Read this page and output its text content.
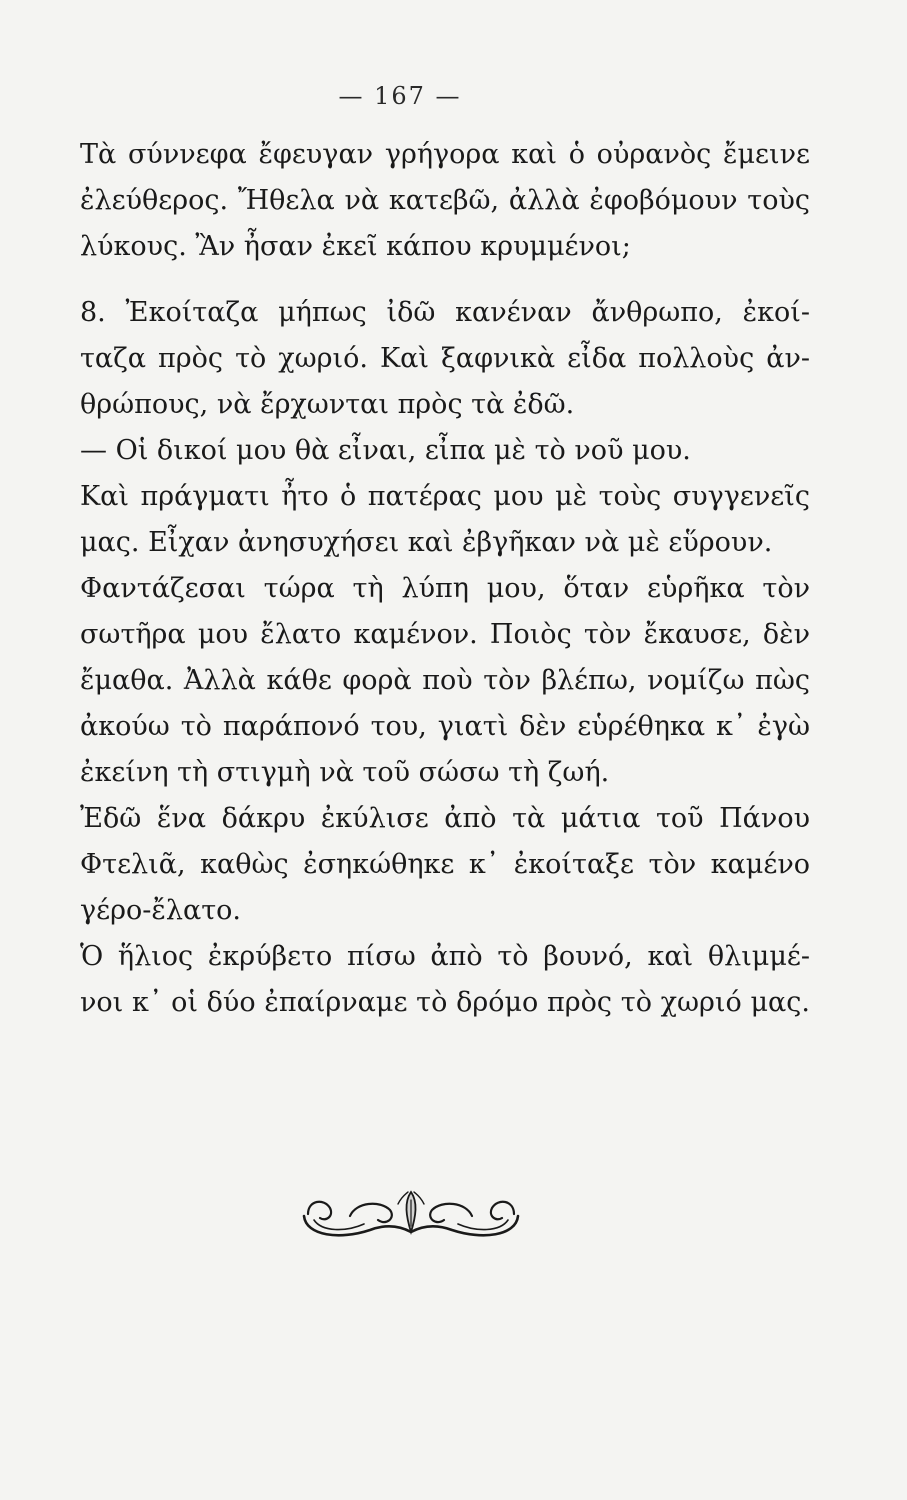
— 167 —
Τὰ σύννεφα ἔφευγαν γρήγορα καὶ ὁ οὐρανὸς ἔμεινε
ἐλεύθερος. Ἤθελα νὰ κατεβῶ, ἀλλὰ ἐφοβόμουν τοὺς
λύκους. Ἂν ἦσαν ἐκεῖ κάπου κρυμμένοι;
8. Ἐκοίταζα μήπως ἰδῶ κανέναν ἄνθρωπο, ἐκοί-
ταζα πρὸς τὸ χωριό. Καὶ ξαφνικὰ εἶδα πολλοὺς ἀν-
θρώπους, νὰ ἔρχωνται πρὸς τὰ ἐδῶ.
— Οἱ δικοί μου θὰ εἶναι, εἶπα μὲ τὸ νοῦ μου.
Καὶ πράγματι ἦτο ὁ πατέρας μου μὲ τοὺς συγγενεῖς
μας. Εἶχαν ἀνησυχήσει καὶ ἐβγῆκαν νὰ μὲ εὕρουν.
Φαντάζεσαι τώρα τὴ λύπη μου, ὅταν εὑρῆκα τὸν
σωτῆρα μου ἔλατο καμένον. Ποιὸς τὸν ἔκαυσε, δὲν
ἔμαθα. Ἀλλὰ κάθε φορὰ ποὺ τὸν βλέπω, νομίζω πὼς
ἀκούω τὸ παράπονό του, γιατὶ δὲν εὑρέθηκα κ᾽ ἐγὼ
ἐκείνη τὴ στιγμὴ νὰ τοῦ σώσω τὴ ζωή.
Ἐδῶ ἕνα δάκρυ ἐκύλισε ἀπὸ τὰ μάτια τοῦ Πάνου
Φτελιᾶ, καθὼς ἐσηκώθηκε κ᾽ ἐκοίταξε τὸν καμένο
γέρο-ἔλατο.
Ὁ ἥλιος ἐκρύβετο πίσω ἀπὸ τὸ βουνό, καὶ θλιμμέ-
νοι κ᾽ οἱ δύο ἐπαίρναμε τὸ δρόμο πρὸς τὸ χωριό μας.
